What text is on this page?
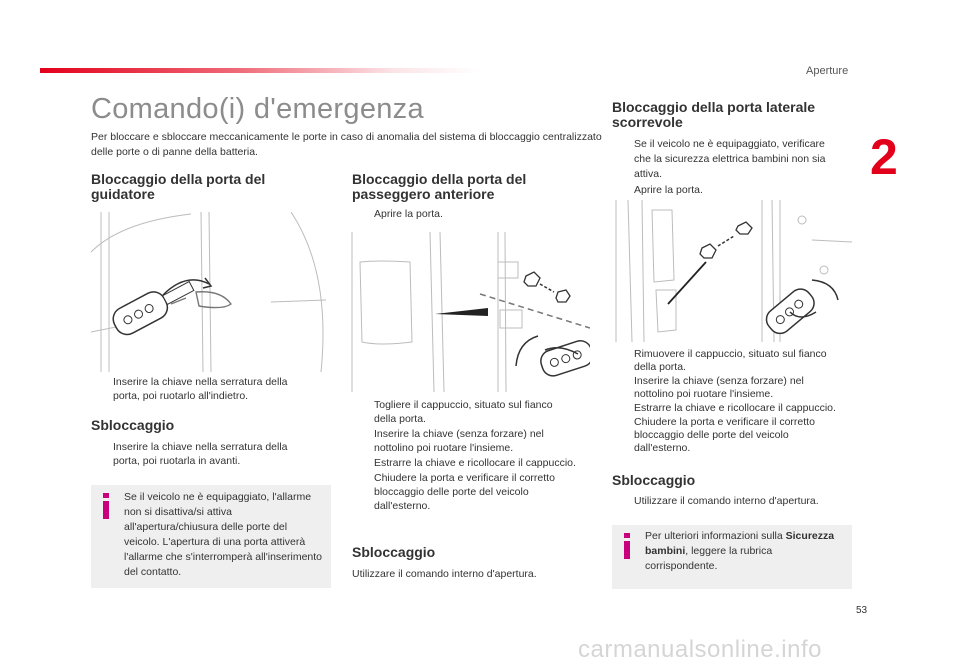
Aperture
2
Comando(i) d'emergenza
Per bloccare e sbloccare meccanicamente le porte in caso di anomalia del sistema di bloccaggio centralizzato delle porte o di panne della batteria.
Bloccaggio della porta del guidatore
Inserire la chiave nella serratura della porta, poi ruotarlo all'indietro.
Sbloccaggio
Inserire la chiave nella serratura della porta, poi ruotarla in avanti.
Se il veicolo ne è equipaggiato, l'allarme non si disattiva/si attiva all'apertura/chiusura delle porte del veicolo. L'apertura di una porta attiverà l'allarme che s'interromperà all'inserimento del contatto.
Bloccaggio della porta del passeggero anteriore
Aprire la porta.
Togliere il cappuccio, situato sul fianco della porta.
Inserire la chiave (senza forzare) nel nottolino poi ruotare l'insieme.
Estrarre la chiave e ricollocare il cappuccio.
Chiudere la porta e verificare il corretto bloccaggio delle porte del veicolo dall'esterno.
Sbloccaggio
Utilizzare il comando interno d'apertura.
Bloccaggio della porta laterale scorrevole
Se il veicolo ne è equipaggiato, verificare che la sicurezza elettrica bambini non sia attiva.
Aprire la porta.
Rimuovere il cappuccio, situato sul fianco della porta.
Inserire la chiave (senza forzare) nel nottolino poi ruotare l'insieme.
Estrarre la chiave e ricollocare il cappuccio.
Chiudere la porta e verificare il corretto bloccaggio delle porte del veicolo dall'esterno.
Sbloccaggio
Utilizzare il comando interno d'apertura.
Per ulteriori informazioni sulla Sicurezza bambini, leggere la rubrica corrispondente.
53
carmanualsonline.info
